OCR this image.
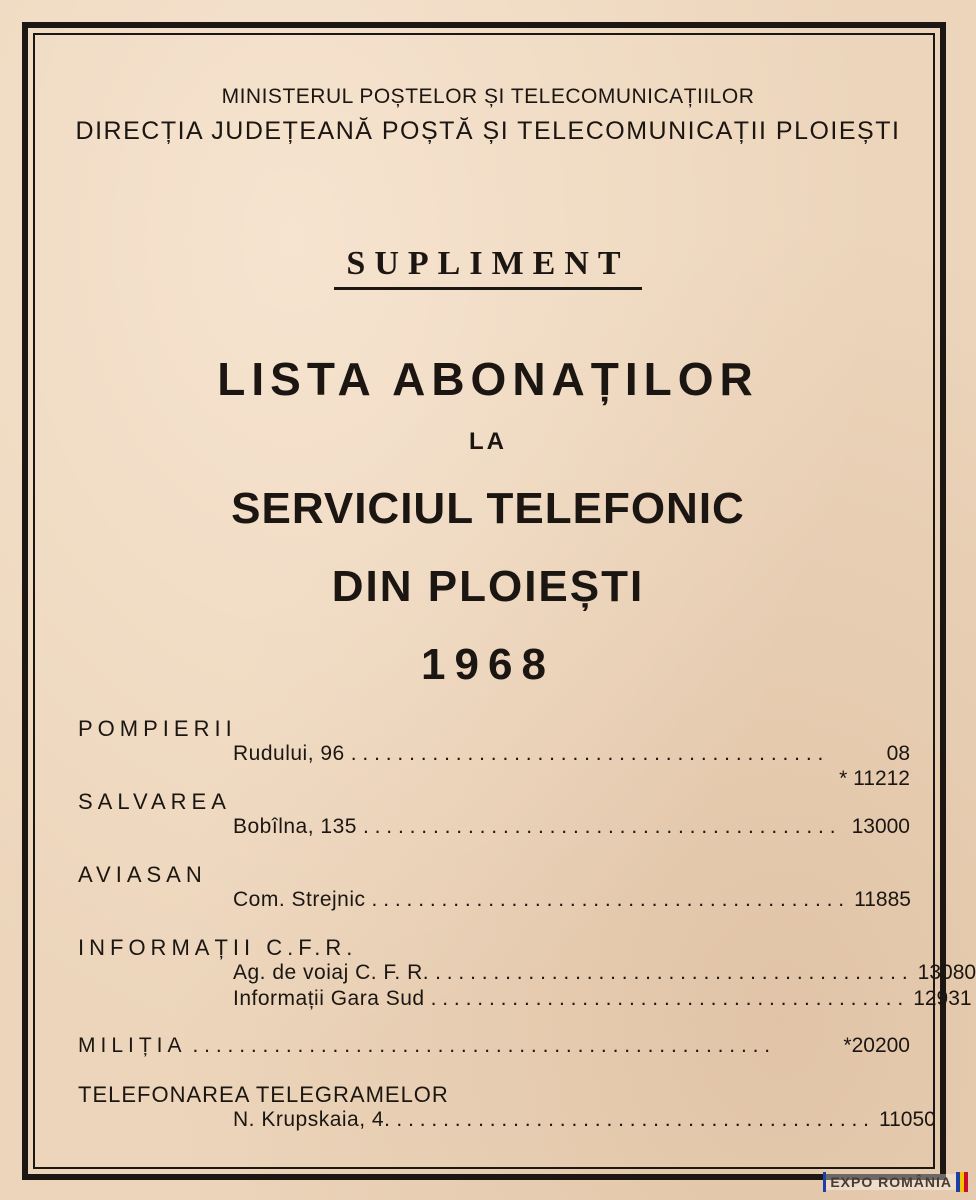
MINISTERUL POȘTELOR ȘI TELECOMUNICAȚIILOR
DIRECȚIA JUDEȚEANĂ POȘTĂ ȘI TELECOMUNICAȚII PLOIEȘTI
SUPLIMENT
LISTA ABONAȚILOR
LA
SERVICIUL TELEFONIC
DIN PLOIEȘTI
1968
POMPIERII
Rudului, 96 . . . . . . . . . . . . . . . . . . . . . . . . . . . . . . . . . . . . . . . . .	08
* 11212
SALVAREA
Bobîlna, 135 . . . . . . . . . . . . . . . . . . . . . . . . . . . . . . . . . . . . . . . . . 13000
AVIASAN
Com. Strejnic . . . . . . . . . . . . . . . . . . . . . . . . . . . . . . . . . . . . . . . . . 11885
INFORMAȚII C.F.R.
Ag. de voiaj C. F. R. . . . . . . . . . . . . . . . . . . . . . . . . . . . . . . . . . . . . . . . . . 13080
Informații Gara Sud . . . . . . . . . . . . . . . . . . . . . . . . . . . . . . . . . . . . . . . . . 12931
MILIȚIA . . . . . . . . . . . . . . . . . . . . . . . . . . . . . . . . . . . . . . . . . . . . . . . . . .	*20200
TELEFONAREA TELEGRAMELOR
N. Krupskaia, 4. . . . . . . . . . . . . . . . . . . . . . . . . . . . . . . . . . . . . . . . . . 11050
EXPO ROMÂNIA
